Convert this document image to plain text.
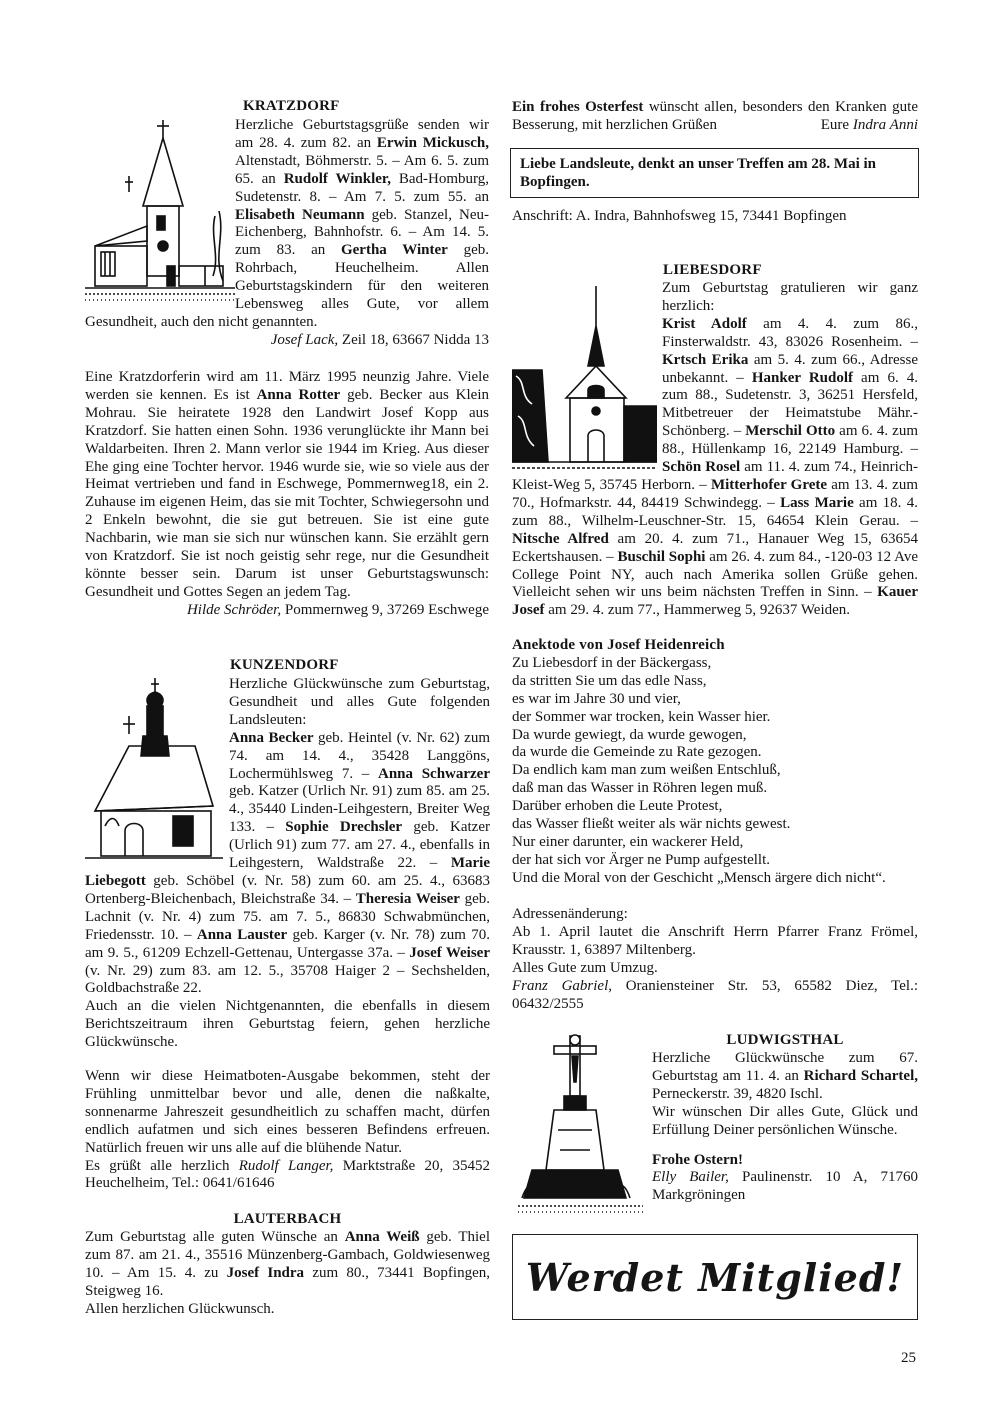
KRATZDORF

Herzliche Geburtstagsgrüße senden wir am 28. 4. zum 82. an Erwin Mickusch, Altenstadt, Böhmerstr. 5. – Am 6. 5. zum 65. an Rudolf Winkler, Bad-Homburg, Sudetenstr. 8. – Am 7. 5. zum 55. an Elisabeth Neumann geb. Stanzel, Neu-Eichenberg, Bahnhofstr. 6. – Am 14. 5. zum 83. an Gertha Winter geb. Rohrbach, Heuchelheim. Allen Geburtstagskindern für den weiteren Lebensweg alles Gute, vor allem Gesundheit, auch den nicht genannten.

Josef Lack, Zeil 18, 63667 Nidda 13

Eine Kratzdorferin wird am 11. März 1995 neunzig Jahre. Viele werden sie kennen. Es ist Anna Rotter geb. Becker aus Klein Mohrau. Sie heiratete 1928 den Landwirt Josef Kopp aus Kratzdorf. Sie hatten einen Sohn. 1936 verunglückte ihr Mann bei Waldarbeiten. Ihren 2. Mann verlor sie 1944 im Krieg. Aus dieser Ehe ging eine Tochter hervor. 1946 wurde sie, wie so viele aus der Heimat vertrieben und fand in Eschwege, Pommernweg18, ein 2. Zuhause im eigenen Heim, das sie mit Tochter, Schwiegersohn und 2 Enkeln bewohnt, die sie gut betreuen. Sie ist eine gute Nachbarin, wie man sie sich nur wünschen kann. Sie erzählt gern von Kratzdorf. Sie ist noch geistig sehr rege, nur die Gesundheit könnte besser sein. Darum ist unser Geburtstagswunsch: Gesundheit und Gottes Segen an jedem Tag.

Hilde Schröder, Pommernweg 9, 37269 Eschwege

KUNZENDORF

Herzliche Glückwünsche zum Geburtstag, Gesundheit und alles Gute folgenden Landsleuten:
Anna Becker geb. Heintel (v. Nr. 62) zum 74. am 14. 4., 35428 Langgöns, Lochermühlsweg 7. – Anna Schwarzer geb. Katzer (Urlich Nr. 91) zum 85. am 25. 4., 35440 Linden-Leihgestern, Breiter Weg 133. – Sophie Drechsler geb. Katzer (Urlich 91) zum 77. am 27. 4., ebenfalls in Leihgestern, Waldstraße 22. – Marie Liebegott geb. Schöbel (v. Nr. 58) zum 60. am 25. 4., 63683 Ortenberg-Bleichenbach, Bleichstraße 34. – Theresia Weiser geb. Lachnit (v. Nr. 4) zum 75. am 7. 5., 86830 Schwabmünchen, Friedensstr. 10. – Anna Lauster geb. Karger (v. Nr. 78) zum 70. am 9. 5., 61209 Echzell-Gettenau, Untergasse 37a. – Josef Weiser (v. Nr. 29) zum 83. am 12. 5., 35708 Haiger 2 – Sechshelden, Goldbachstraße 22.

Auch an die vielen Nichtgenannten, die ebenfalls in diesem Berichtszeitraum ihren Geburtstag feiern, gehen herzliche Glückwünsche.

Wenn wir diese Heimatboten-Ausgabe bekommen, steht der Frühling unmittelbar bevor und alle, denen die naßkalte, sonnenarme Jahreszeit gesundheitlich zu schaffen macht, dürfen endlich aufatmen und sich eines besseren Befindens erfreuen. Natürlich freuen wir uns alle auf die blühende Natur.

Es grüßt alle herzlich Rudolf Langer, Marktstraße 20, 35452 Heuchelheim, Tel.: 0641/61646

LAUTERBACH

Zum Geburtstag alle guten Wünsche an Anna Weiß geb. Thiel zum 87. am 21. 4., 35516 Münzenberg-Gambach, Goldwiesenweg 10. – Am 15. 4. zu Josef Indra zum 80., 73441 Bopfingen, Steigweg 16.

Allen herzlichen Glückwunsch.

Ein frohes Osterfest wünscht allen, besonders den Kranken gute Besserung, mit herzlichen Grüßen	Eure Indra Anni

Liebe Landsleute, denkt an unser Treffen am 28. Mai in Bopfingen.

Anschrift: A. Indra, Bahnhofsweg 15, 73441 Bopfingen

LIEBESDORF

Zum Geburtstag gratulieren wir ganz herzlich:
Krist Adolf am 4. 4. zum 86., Finsterwaldstr. 43, 83026 Rosenheim. – Krtsch Erika am 5. 4. zum 66., Adresse unbekannt. – Hanker Rudolf am 6. 4. zum 88., Sudetenstr. 3, 36251 Hersfeld, Mitbetreuer der Heimatstube Mähr.-Schönberg. – Merschil Otto am 6. 4. zum 88., Hüllenkamp 16, 22149 Hamburg. – Schön Rosel am 11. 4. zum 74., Heinrich-Kleist-Weg 5, 35745 Herborn. – Mitterhofer Grete am 13. 4. zum 70., Hofmarkstr. 44, 84419 Schwindegg. – Lass Marie am 18. 4. zum 88., Wilhelm-Leuschner-Str. 15, 64654 Klein Gerau. – Nitsche Alfred am 20. 4. zum 71., Hanauer Weg 15, 63654 Eckertshausen. – Buschil Sophi am 26. 4. zum 84., -120-03 12 Ave College Point NY, auch nach Amerika sollen Grüße gehen. Vielleicht sehen wir uns beim nächsten Treffen in Sinn. – Kauer Josef am 29. 4. zum 77., Hammerweg 5, 92637 Weiden.

Anektode von Josef Heidenreich

Zu Liebesdorf in der Bäckergass,

da stritten Sie um das edle Nass,

es war im Jahre 30 und vier,

der Sommer war trocken, kein Wasser hier.

Da wurde gewiegt, da wurde gewogen,

da wurde die Gemeinde zu Rate gezogen.

Da endlich kam man zum weißen Entschluß,

daß man das Wasser in Röhren legen muß.

Darüber erhoben die Leute Protest,

das Wasser fließt weiter als wär nichts gewest.

Nur einer darunter, ein wackerer Held,

der hat sich vor Ärger ne Pump aufgestellt.

Und die Moral von der Geschicht „Mensch ärgere dich nicht“.

Adressenänderung:

Ab 1. April lautet die Anschrift Herrn Pfarrer Franz Frömel, Krausstr. 1, 63897 Miltenberg.

Alles Gute zum Umzug.

Franz Gabriel, Oraniensteiner Str. 53, 65582 Diez, Tel.: 06432/2555

LUDWIGSTHAL

Herzliche Glückwünsche zum 67. Geburtstag am 11. 4. an Richard Schartel, Perneckerstr. 39, 4820 Ischl.

Wir wünschen Dir alles Gute, Glück und Erfüllung Deiner persönlichen Wünsche.

Frohe Ostern!

Elly Bailer, Paulinenstr. 10 A, 71760 Markgröningen

Werdet Mitglied!
25
